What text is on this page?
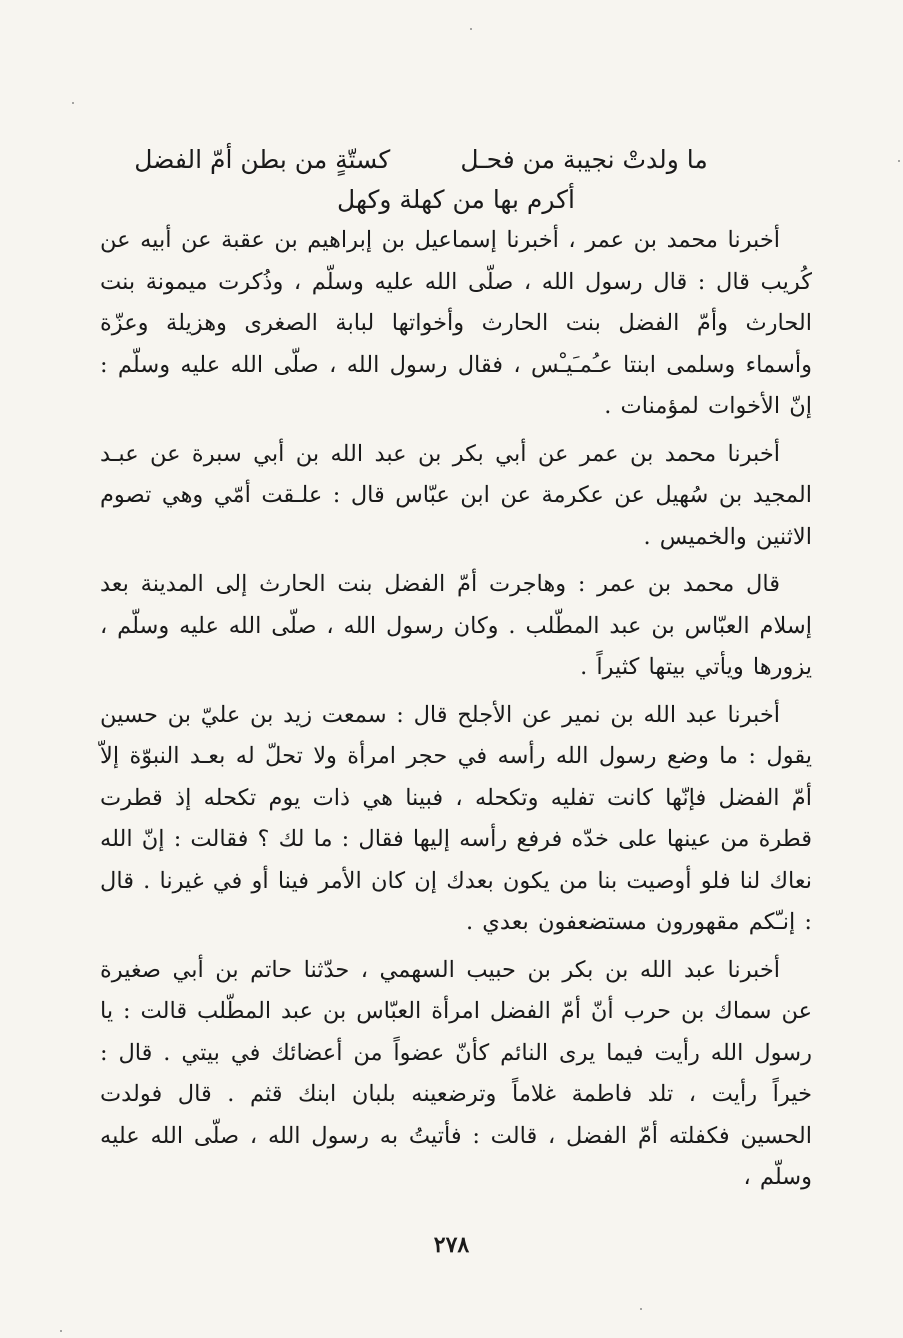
ما ولدتْ نجيبة من فحـل
كستّةٍ من بطن أمّ الفضل
أكرم بها من كهلة وكهل

أخبرنا محمد بن عمر ، أخبرنا إسماعيل بن إبراهيم بن عقبة عن أبيه عن كُريب قال : قال رسول الله ، صلّى الله عليه وسلّم ، وذُكرت ميمونة بنت الحارث وأمّ الفضل بنت الحارث وأخواتها لبابة الصغرى وهزيلة وعزّة وأسماء وسلمى ابنتا عـُمـَيـْس ، فقال رسول الله ، صلّى الله عليه وسلّم : إنّ الأخوات لمؤمنات .

أخبرنا محمد بن عمر عن أبي بكر بن عبد الله بن أبي سبرة عن عبـد المجيد بن سُهيل عن عكرمة عن ابن عبّاس قال : علـقت أمّي وهي تصوم الاثنين والخميس .

قال محمد بن عمر : وهاجرت أمّ الفضل بنت الحارث إلى المدينة بعد إسلام العبّاس بن عبد المطّلب . وكان رسول الله ، صلّى الله عليه وسلّم ، يزورها ويأتي بيتها كثيراً .

أخبرنا عبد الله بن نمير عن الأجلح قال : سمعت زيد بن عليّ بن حسين يقول : ما وضع رسول الله رأسه في حجر امرأة ولا تحلّ له بعـد النبوّة إلاّ أمّ الفضل فإنّها كانت تفليه وتكحله ، فبينا هي ذات يوم تكحله إذ قطرت قطرة من عينها على خدّه فرفع رأسه إليها فقال : ما لك ؟ فقالت : إنّ الله نعاك لنا فلو أوصيت بنا من يكون بعدك إن كان الأمر فينا أو في غيرنا . قال : إنـّكم مقهورون مستضعفون بعدي .

أخبرنا عبد الله بن بكر بن حبيب السهمي ، حدّثنا حاتم بن أبي صغيرة عن سماك بن حرب أنّ أمّ الفضل امرأة العبّاس بن عبد المطّلب قالت : يا رسول الله رأيت فيما يرى النائم كأنّ عضواً من أعضائك في بيتي . قال : خيراً رأيت ، تلد فاطمة غلاماً وترضعينه بلبان ابنك قثم . قال فولدت الحسين فكفلته أمّ الفضل ، قالت : فأتيتُ به رسول الله ، صلّى الله عليه وسلّم ،

٢٧٨
